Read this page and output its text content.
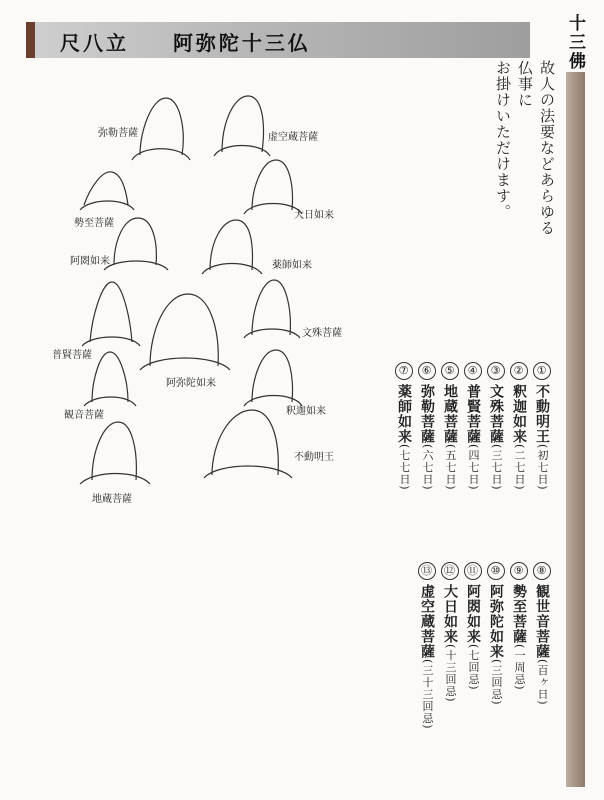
尺八立 阿弥陀十三仏	十三佛

故人の法要などあらゆる仏事に

お掛けいただけます。

①不動明王(初七日)
②釈迦如来(二七日)
③文殊菩薩(三七日)
④普賢菩薩(四七日)
⑤地蔵菩薩(五七日)
⑥弥勒菩薩(六七日)
⑦薬師如来(七七日)
⑧観世音菩薩(百ヶ日)
⑨勢至菩薩(一周忌)
⑩阿弥陀如来(三回忌)
⑪阿閦如来(七回忌)
⑫大日如来(十三回忌)
⑬虚空蔵菩薩(三十三回忌)
弥勒菩薩	虚空蔵菩薩
勢至菩薩
大日如来
阿閦如来	薬師如来
文殊菩薩
普賢菩薩
阿弥陀如来
観音菩薩	釈迦如来
不動明王
地蔵菩薩
